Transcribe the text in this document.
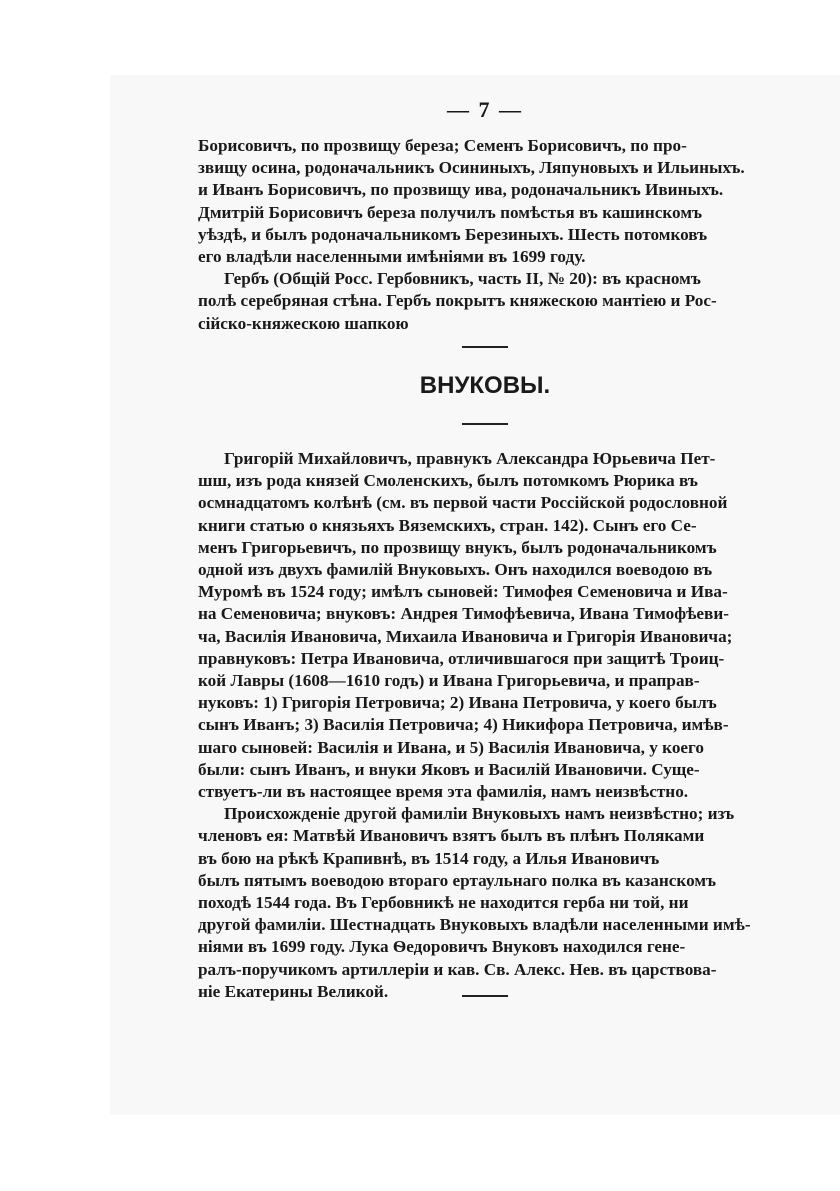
— 7 —

Борисовичъ, по прозвищу береза; Семенъ Борисовичъ, по про-

звищу осина, родоначальникъ Осининыхъ, Ляпуновыхъ и Ильиныхъ.

и Иванъ Борисовичъ, по прозвищу ива, родоначальникъ Ивиныхъ.

Дмитрій Борисовичъ береза получилъ помѣстья въ кашинскомъ

уѣздѣ, и былъ родоначальникомъ Березиныхъ. Шесть потомковъ

его владѣли населенными имѣніями въ 1699 году.

Гербъ (Общій Росс. Гербовникъ, часть II, № 20): въ красномъ

полѣ серебряная стѣна. Гербъ покрытъ княжескою мантіею и Рос-

сійско-княжескою шапкою

ВНУКОВЫ.

Григорій Михайловичъ, правнукъ Александра Юрьевича Пет-

шш, изъ рода князей Смоленскихъ, былъ потомкомъ Рюрика въ

осмнадцатомъ колѣнѣ (см. въ первой части Россійской родословной

книги статью о князьяхъ Вяземскихъ, стран. 142). Сынъ его Се-

менъ Григорьевичъ, по прозвищу внукъ, былъ родоначальникомъ

одной изъ двухъ фамилій Внуковыхъ. Онъ находился воеводою въ

Муромѣ въ 1524 году; имѣлъ сыновей: Тимофея Семеновича и Ива-

на Семеновича; внуковъ: Андрея Тимофѣевича, Ивана Тимофѣеви-

ча, Василія Ивановича, Михаила Ивановича и Григорія Ивановича;

правнуковъ: Петра Ивановича, отличившагося при защитѣ Троиц-

кой Лавры (1608—1610 годъ) и Ивана Григорьевича, и праправ-

нуковъ: 1) Григорія Петровича; 2) Ивана Петровича, у коего былъ

сынъ Иванъ; 3) Василія Петровича; 4) Никифора Петровича, имѣв-

шаго сыновей: Василія и Ивана, и 5) Василія Ивановича, у коего

были: сынъ Иванъ, и внуки Яковъ и Василій Ивановичи. Суще-

ствуетъ-ли въ настоящее время эта фамилія, намъ неизвѣстно.

Происхожденіе другой фамиліи Внуковыхъ намъ неизвѣстно; изъ

членовъ ея: Матвѣй Ивановичъ взятъ былъ въ плѣнъ Поляками

въ бою на рѣкѣ Крапивнѣ, въ 1514 году, а Илья Ивановичъ

былъ пятымъ воеводою втораго ертаульнаго полка въ казанскомъ

походѣ 1544 года. Въ Гербовникѣ не находится герба ни той, ни

другой фамиліи. Шестнадцать Внуковыхъ владѣли населенными имѣ-

ніями въ 1699 году. Лука Ѳедоровичъ Внуковъ находился гене-

ралъ-поручикомъ артиллеріи и кав. Св. Алекс. Нев. въ царствова-

ніе Екатерины Великой.
